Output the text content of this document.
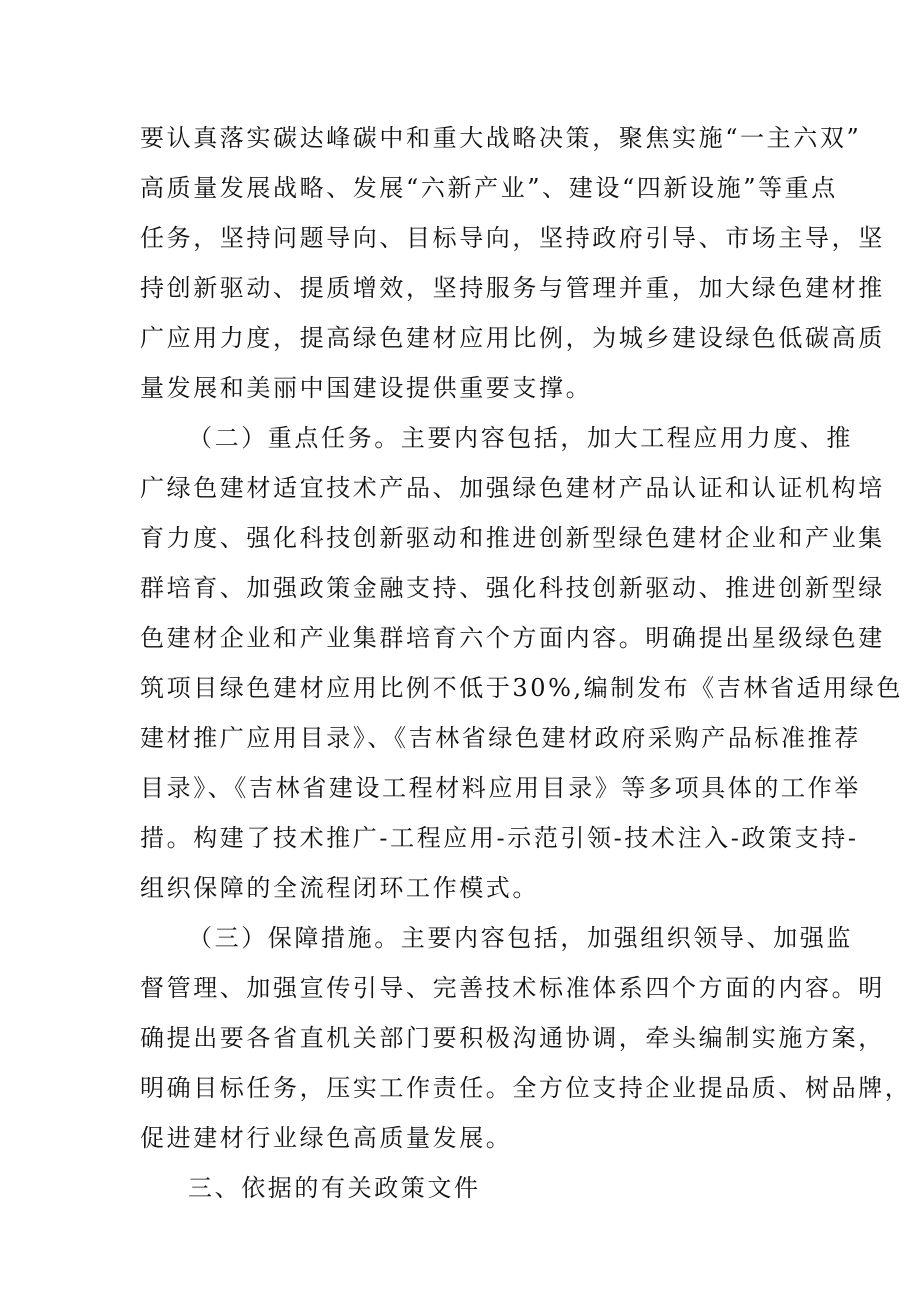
要认真落实碳达峰碳中和重大战略决策，聚焦实施“一主六双”
高质量发展战略、发展“六新产业”、建设“四新设施”等重点
任务，坚持问题导向、目标导向，坚持政府引导、市场主导，坚
持创新驱动、提质增效，坚持服务与管理并重，加大绿色建材推
广应用力度，提高绿色建材应用比例，为城乡建设绿色低碳高质
量发展和美丽中国建设提供重要支撑。
（二）重点任务。主要内容包括，加大工程应用力度、推
广绿色建材适宜技术产品、加强绿色建材产品认证和认证机构培
育力度、强化科技创新驱动和推进创新型绿色建材企业和产业集
群培育、加强政策金融支持、强化科技创新驱动、推进创新型绿
色建材企业和产业集群培育六个方面内容。明确提出星级绿色建
筑项目绿色建材应用比例不低于30%,编制发布《吉林省适用绿色
建材推广应用目录》、《吉林省绿色建材政府采购产品标准推荐
目录》、《吉林省建设工程材料应用目录》等多项具体的工作举
措。构建了技术推广-工程应用-示范引领-技术注入-政策支持-
组织保障的全流程闭环工作模式。
（三）保障措施。主要内容包括，加强组织领导、加强监
督管理、加强宣传引导、完善技术标准体系四个方面的内容。明
确提出要各省直机关部门要积极沟通协调，牵头编制实施方案，
明确目标任务，压实工作责任。全方位支持企业提品质、树品牌，
促进建材行业绿色高质量发展。
三、依据的有关政策文件
